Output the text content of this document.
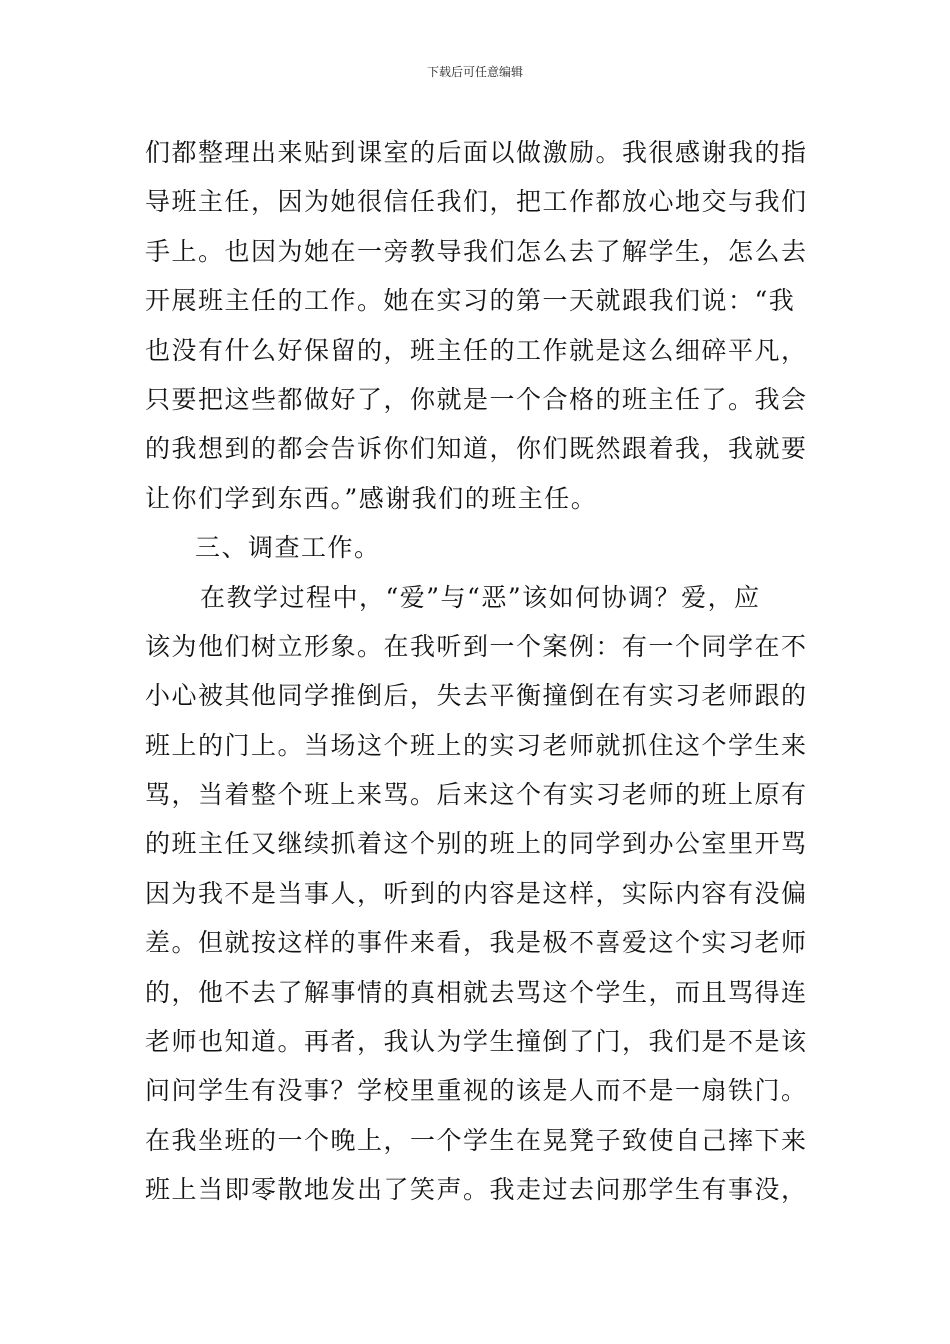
下载后可任意编辑
们都整理出来贴到课室的后面以做激励。我很感谢我的指
导班主任，因为她很信任我们，把工作都放心地交与我们
手上。也因为她在一旁教导我们怎么去了解学生，怎么去
开展班主任的工作。她在实习的第一天就跟我们说：“我
也没有什么好保留的，班主任的工作就是这么细碎平凡，
只要把这些都做好了，你就是一个合格的班主任了。我会
的我想到的都会告诉你们知道，你们既然跟着我，我就要
让你们学到东西。”感谢我们的班主任。
三、调查工作。
在教学过程中，“爱”与“恶”该如何协调？爱，应
该为他们树立形象。在我听到一个案例：有一个同学在不
小心被其他同学推倒后，失去平衡撞倒在有实习老师跟的
班上的门上。当场这个班上的实习老师就抓住这个学生来
骂，当着整个班上来骂。后来这个有实习老师的班上原有
的班主任又继续抓着这个别的班上的同学到办公室里开骂
因为我不是当事人，听到的内容是这样，实际内容有没偏
差。但就按这样的事件来看，我是极不喜爱这个实习老师
的，他不去了解事情的真相就去骂这个学生，而且骂得连
老师也知道。再者，我认为学生撞倒了门，我们是不是该
问问学生有没事？学校里重视的该是人而不是一扇铁门。
在我坐班的一个晚上，一个学生在晃凳子致使自己摔下来
班上当即零散地发出了笑声。我走过去问那学生有事没，
